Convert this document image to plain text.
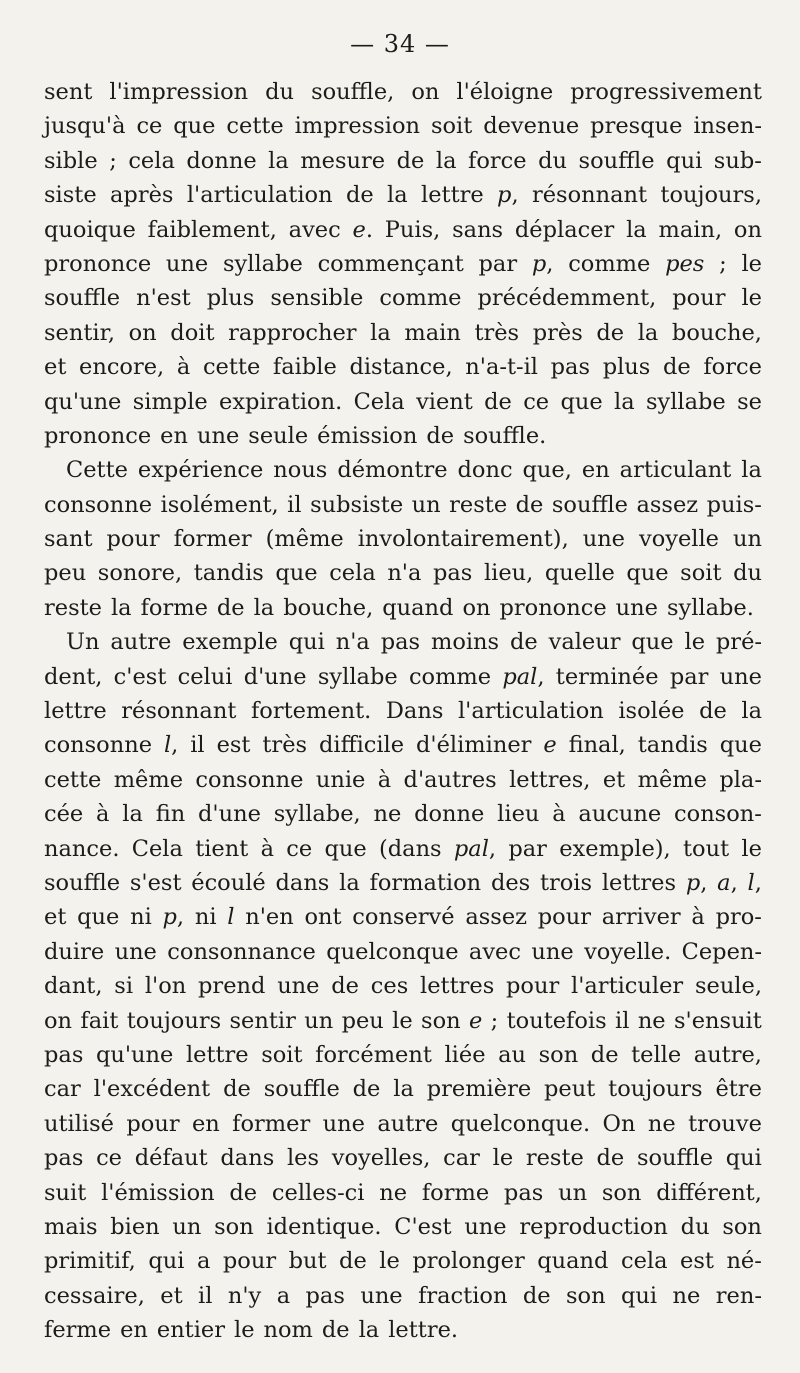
— 34 —
sent l'impression du souffle, on l'éloigne progressivement
jusqu'à ce que cette impression soit devenue presque insen-
sible ; cela donne la mesure de la force du souffle qui sub-
siste après l'articulation de la lettre p, résonnant toujours,
quoique faiblement, avec e. Puis, sans déplacer la main, on
prononce une syllabe commençant par p, comme pes ; le
souffle n'est plus sensible comme précédemment, pour le
sentir, on doit rapprocher la main très près de la bouche,
et encore, à cette faible distance, n'a-t-il pas plus de force
qu'une simple expiration. Cela vient de ce que la syllabe se
prononce en une seule émission de souffle.
Cette expérience nous démontre donc que, en articulant la
consonne isolément, il subsiste un reste de souffle assez puis-
sant pour former (même involontairement), une voyelle un
peu sonore, tandis que cela n'a pas lieu, quelle que soit du
reste la forme de la bouche, quand on prononce une syllabe.
Un autre exemple qui n'a pas moins de valeur que le pré-
dent, c'est celui d'une syllabe comme pal, terminée par une
lettre résonnant fortement. Dans l'articulation isolée de la
consonne l, il est très difficile d'éliminer e final, tandis que
cette même consonne unie à d'autres lettres, et même pla-
cée à la fin d'une syllabe, ne donne lieu à aucune conson-
nance. Cela tient à ce que (dans pal, par exemple), tout le
souffle s'est écoulé dans la formation des trois lettres p, a, l,
et que ni p, ni l n'en ont conservé assez pour arriver à pro-
duire une consonnance quelconque avec une voyelle. Cepen-
dant, si l'on prend une de ces lettres pour l'articuler seule,
on fait toujours sentir un peu le son e ; toutefois il ne s'ensuit
pas qu'une lettre soit forcément liée au son de telle autre,
car l'excédent de souffle de la première peut toujours être
utilisé pour en former une autre quelconque. On ne trouve
pas ce défaut dans les voyelles, car le reste de souffle qui
suit l'émission de celles-ci ne forme pas un son différent,
mais bien un son identique. C'est une reproduction du son
primitif, qui a pour but de le prolonger quand cela est né-
cessaire, et il n'y a pas une fraction de son qui ne ren-
ferme en entier le nom de la lettre.
